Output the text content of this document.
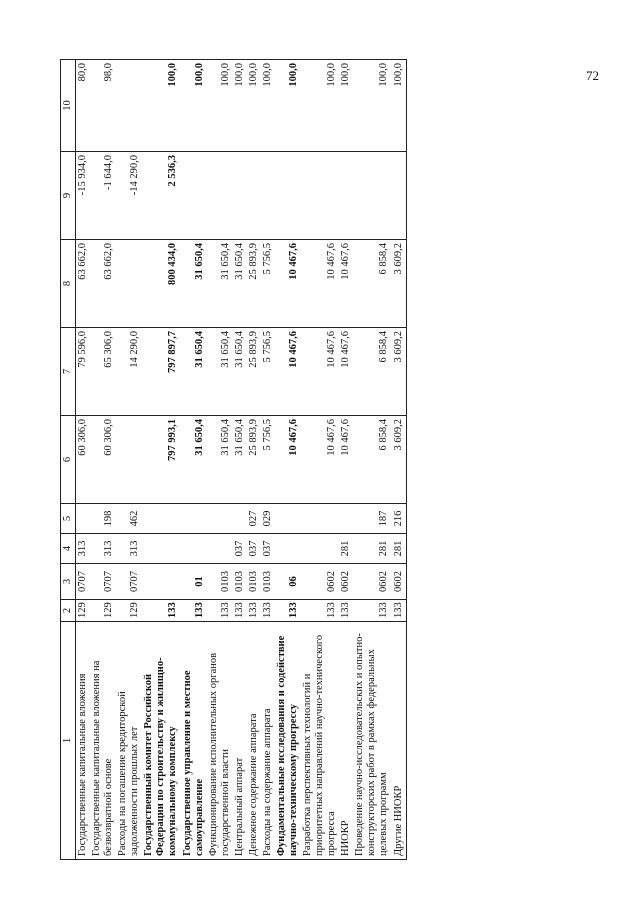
72
1	2	3	4	5	6	7	8	9	10
Государственные капитальные вложения	129	0707	313		60 306,0	79 596,0	63 662,0	-15 934,0	80,0
Государственные капитальные вложения на безвозвратной основе	129	0707	313	198	60 306,0	65 306,0	63 662,0	-1 644,0	98,0
Расходы на погашение кредиторской задолженности прошлых лет	129	0707	313	462		14 290,0		-14 290,0	
Государственный комитет Российской Федерации по строительству и жилищно-коммунальному комплексу	133				797 993,1	797 897,7	800 434,0	2 536,3	100,0
Государственное управление и местное самоуправление	133	01			31 650,4	31 650,4	31 650,4		100,0
Функционирование исполнительных органов государственной власти	133	0103			31 650,4	31 650,4	31 650,4		100,0
Центральный аппарат	133	0103	037		31 650,4	31 650,4	31 650,4		100,0
Денежное содержание аппарата	133	0103	037	027	25 893,9	25 893,9	25 893,9		100,0
Расходы на содержание аппарата	133	0103	037	029	5 756,5	5 756,5	5 756,5		100,0
Фундаментальные исследования и содействие научно-техническому прогрессу	133	06			10 467,6	10 467,6	10 467,6		100,0
Разработка перспективных технологий и приоритетных направлений научно-технического прогресса	133	0602			10 467,6	10 467,6	10 467,6		100,0
НИОКР	133	0602	281		10 467,6	10 467,6	10 467,6		100,0
Проведение научно-исследовательских и опытно-конструкторских работ в рамках федеральных целевых программ	133	0602	281	187	6 858,4	6 858,4	6 858,4		100,0
Другие НИОКР	133	0602	281	216	3 609,2	3 609,2	3 609,2		100,0
